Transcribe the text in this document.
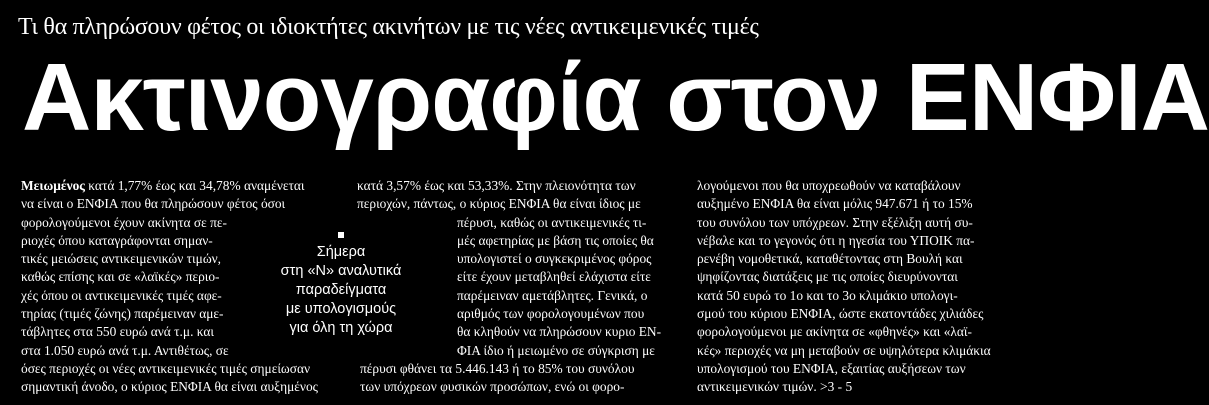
Τι θα πληρώσουν φέτος οι ιδιοκτήτες ακινήτων με τις νέες αντικειμενικές τιμές
Ακτινογραφία στον ΕΝΦΙΑ
Μειωμένος κατά 1,77% έως και 34,78% αναμένεται
να είναι ο ΕΝΦΙΑ που θα πληρώσουν φέτος όσοι
φορολογούμενοι έχουν ακίνητα σε πε-
ριοχές όπου καταγράφονται σημαν-
τικές μειώσεις αντικειμενικών τιμών,
καθώς επίσης και σε «λαϊκές» περιο-
χές όπου οι αντικειμενικές τιμές αφε-
τηρίας (τιμές ζώνης) παρέμειναν αμε-
τάβλητες στα 550 ευρώ ανά τ.μ. και
στα 1.050 ευρώ ανά τ.μ. Αντιθέτως, σε
όσες περιοχές οι νέες αντικειμενικές τιμές σημείωσαν
σημαντική άνοδο, ο κύριος ΕΝΦΙΑ θα είναι αυξημένος
κατά 3,57% έως και 53,33%. Στην πλειονότητα των
περιοχών, πάντως, ο κύριος ΕΝΦΙΑ θα είναι ίδιος με
πέρυσι, καθώς οι αντικειμενικές τι-
μές αφετηρίας με βάση τις οποίες θα
υπολογιστεί ο συγκεκριμένος φόρος
είτε έχουν μεταβληθεί ελάχιστα είτε
παρέμειναν αμετάβλητες. Γενικά, ο
αριθμός των φορολογουμένων που
θα κληθούν να πληρώσουν κυριο ΕΝ-
ΦΙΑ ίδιο ή μειωμένο σε σύγκριση με
πέρυσι φθάνει τα 5.446.143 ή το 85% του συνόλου
των υπόχρεων φυσικών προσώπων, ενώ οι φορο-
Σήμερα
στη «Ν» αναλυτικά
παραδείγματα
με υπολογισμούς
για όλη τη χώρα
λογούμενοι που θα υποχρεωθούν να καταβάλουν
αυξημένο ΕΝΦΙΑ θα είναι μόλις 947.671 ή το 15%
του συνόλου των υπόχρεων. Στην εξέλιξη αυτή συ-
νέβαλε και το γεγονός ότι η ηγεσία του ΥΠΟΙΚ πα-
ρενέβη νομοθετικά, καταθέτοντας στη Βουλή και
ψηφίζοντας διατάξεις με τις οποίες διευρύνονται
κατά 50 ευρώ το 1ο και το 3ο κλιμάκιο υπολογι-
σμού του κύριου ΕΝΦΙΑ, ώστε εκατοντάδες χιλιάδες
φορολογούμενοι με ακίνητα σε «φθηνές» και «λαϊ-
κές» περιοχές να μη μεταβούν σε υψηλότερα κλιμάκια
υπολογισμού του ΕΝΦΙΑ, εξαιτίας αυξήσεων των
αντικειμενικών τιμών. >3 - 5
